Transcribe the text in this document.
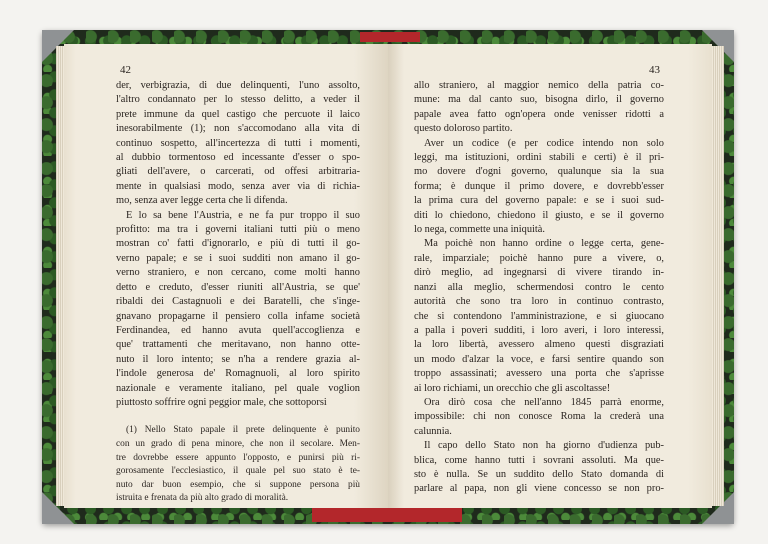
42
der, verbigrazia, di due delinquenti, l'uno assolto,
l'altro condannato per lo stesso delitto, a veder il
prete immune da quel castigo che percuote il laico
inesorabilmente (1); non s'accomodano alla vita di
continuo sospetto, all'incertezza di tutti i momenti,
al dubbio tormentoso ed incessante d'esser o spo-
gliati dell'avere, o carcerati, od offesi arbitraria-
mente in qualsiasi modo, senza aver via di richia-
mo, senza aver legge certa che li difenda.
E lo sa bene l'Austria, e ne fa pur troppo il suo
profitto: ma tra i governi italiani tutti più o meno
mostran co' fatti d'ignorarlo, e più di tutti il go-
verno papale; e se i suoi sudditi non amano il go-
verno straniero, e non cercano, come molti hanno
detto e creduto, d'esser riuniti all'Austria, se que'
ribaldi dei Castagnuoli e dei Baratelli, che s'inge-
gnavano propagarne il pensiero colla infame società
Ferdinandea, ed hanno avuta quell'accoglienza e
que' trattamenti che meritavano, non hanno otte-
nuto il loro intento; se n'ha a rendere grazia al-
l'indole generosa de' Romagnuoli, al loro spirito
nazionale e veramente italiano, pel quale voglion
piuttosto soffrire ogni peggior male, che sottoporsi
(1) Nello Stato papale il prete delinquente è punito
con un grado di pena minore, che non il secolare. Men-
tre dovrebbe essere appunto l'opposto, e punirsi più ri-
gorosamente l'ecclesiastico, il quale pel suo stato è te-
nuto dar buon esempio, che si suppone persona più
istruita e frenata da più alto grado di moralità.
43
allo straniero, al maggior nemico della patria co-
mune: ma dal canto suo, bisogna dirlo, il governo
papale avea fatto ogn'opera onde venisser ridotti a
questo doloroso partito.
Aver un codice (e per codice intendo non solo
leggi, ma istituzioni, ordini stabili e certi) è il pri-
mo dovere d'ogni governo, qualunque sia la sua
forma; è dunque il primo dovere, e dovrebb'esser
la prima cura del governo papale: e se i suoi sud-
diti lo chiedono, chiedono il giusto, e se il governo
lo nega, commette una iniquità.
Ma poichè non hanno ordine o legge certa, gene-
rale, imparziale; poichè hanno pure a vivere, o,
dirò meglio, ad ingegnarsi di vivere tirando in-
nanzi alla meglio, schermendosi contro le cento
autorità che sono tra loro in continuo contrasto,
che si contendono l'amministrazione, e si giuocano
a palla i poveri sudditi, i loro averi, i loro interessi,
la loro libertà, avessero almeno questi disgraziati
un modo d'alzar la voce, e farsi sentire quando son
troppo assassinati; avessero una porta che s'aprisse
ai loro richiami, un orecchio che gli ascoltasse!
Ora dirò cosa che nell'anno 1845 parrà enorme,
impossibile: chi non conosce Roma la crederà una
calunnia.
Il capo dello Stato non ha giorno d'udienza pub-
blica, come hanno tutti i sovrani assoluti. Ma que-
sto è nulla. Se un suddito dello Stato domanda di
parlare al papa, non gli viene concesso se non pro-
